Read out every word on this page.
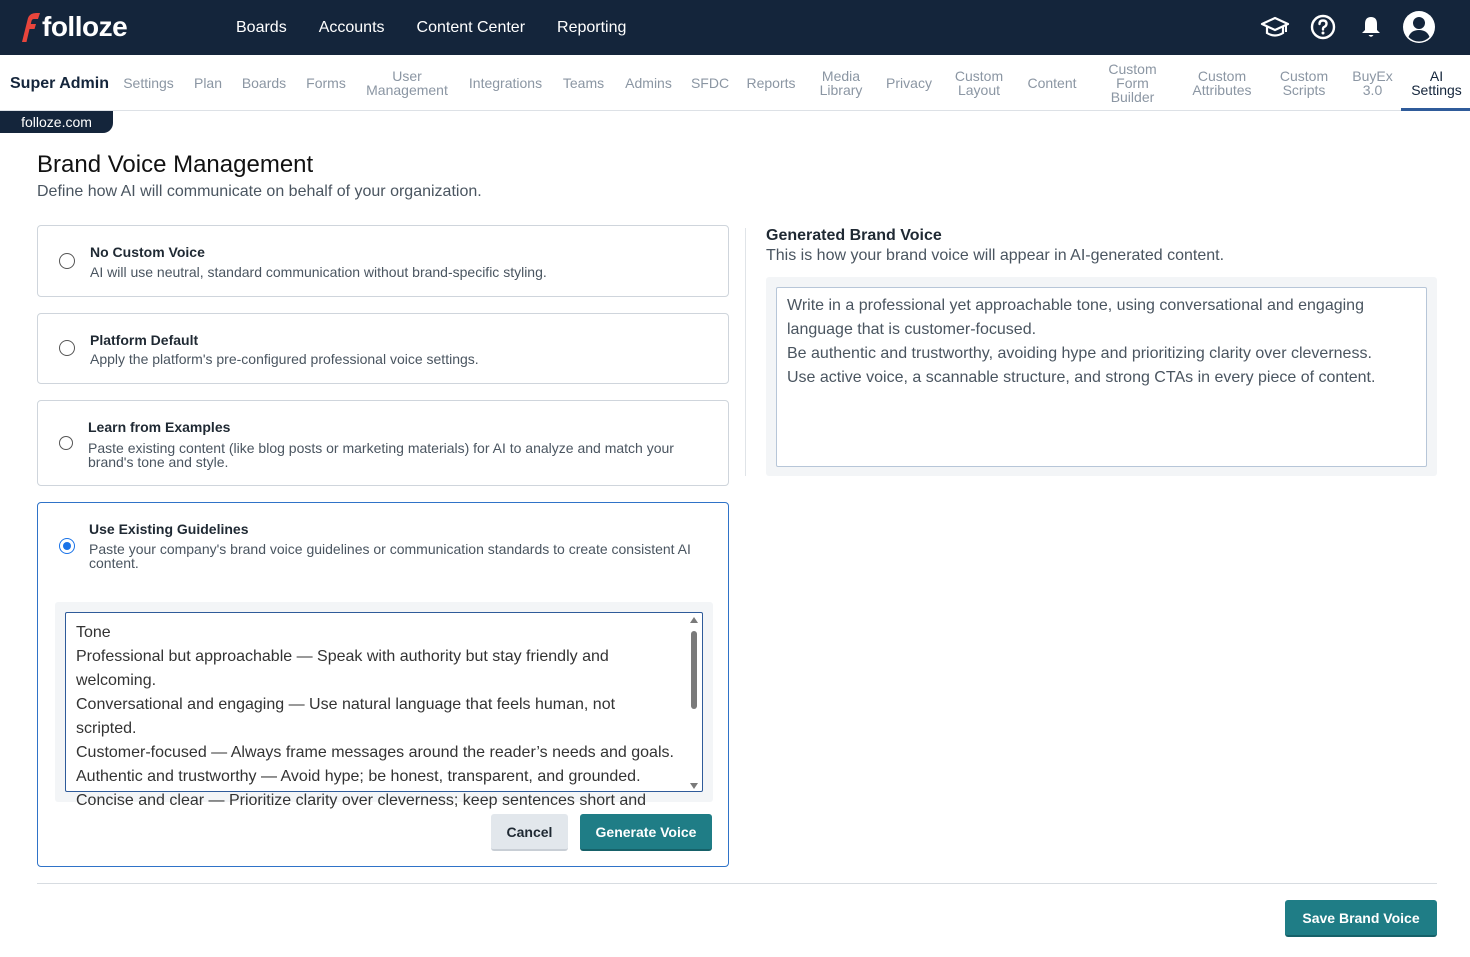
folloze	Boards	Accounts	Content Center	Reporting
Super Admin
folloze.com
Settings Plan Boards Forms	User
Management Integrations Teams Admins SFDC Reports Media
Library Privacy Custom
Layout Content
Custom
Form
Builder
Custom
Attributes
Custom
Scripts
BuyEx
3.0
AI
Settings
Brand Voice Management

Define how AI will communicate on behalf of your organization.

No Custom Voice
AI will use neutral, standard communication without brand-specific styling.
Platform Default
Apply the platform's pre-configured professional voice settings.
Learn from Examples
Paste existing content (like blog posts or marketing materials) for AI to analyze and match your brand's tone and style.
Use Existing Guidelines
Paste your company's brand voice guidelines or communication standards to create consistent AI content.
Tone
Professional but approachable — Speak with authority but stay friendly and welcoming.
Conversational and engaging — Use natural language that feels human, not scripted.
Customer-focused — Always frame messages around the reader’s needs and goals.
Authentic and trustworthy — Avoid hype; be honest, transparent, and grounded.
Concise and clear — Prioritize clarity over cleverness; keep sentences short and

Cancel	Generate Voice
Generated Brand Voice
This is how your brand voice will appear in AI-generated content.
Write in a professional yet approachable tone, using conversational and engaging language that is customer-focused.
Be authentic and trustworthy, avoiding hype and prioritizing clarity over cleverness.
Use active voice, a scannable structure, and strong CTAs in every piece of content.
Save Brand Voice
